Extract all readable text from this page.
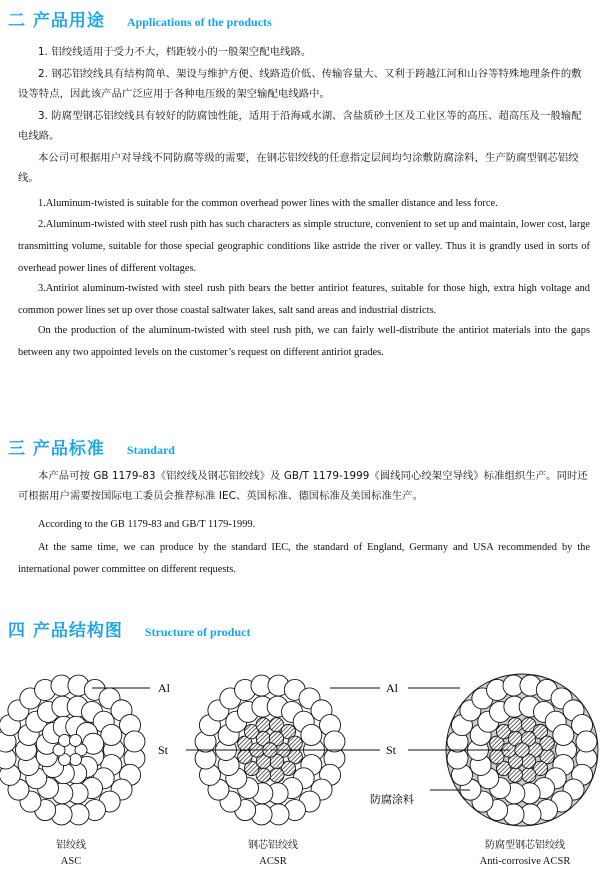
二 产品用途 Applications of the products

1. 铝绞线适用于受力不大，档距较小的一般架空配电线路。

2. 钢芯铝绞线具有结构简单、架设与维护方便、线路造价低、传输容量大、又利于跨越江河和山谷等特殊地理条件的敷设等特点，因此该产品广泛应用于各种电压级的架空输配电线路中。

3. 防腐型钢芯铝绞线具有较好的防腐蚀性能，适用于沿海咸水湖、含盐质砂土区及工业区等的高压、超高压及一般输配电线路。

本公司可根据用户对导线不同防腐等级的需要，在钢芯铝绞线的任意指定层间均匀涂敷防腐涂料，生产防腐型钢芯铝绞线。

1.Aluminum-twisted is suitable for the common overhead power lines with the smaller distance and less force.

2.Aluminum-twisted with steel rush pith has such characters as simple structure, convenient to set up and maintain, lower cost, large transmitting volume, suitable for those special geographic conditions like astride the river or valley. Thus it is grandly used in sorts of overhead power lines of different voltages.

3.Antiriot aluminum-twisted with steel rush pith bears the better antiriot features, suitable for those high, extra high voltage and common power lines set up over those coastal saltwater lakes, salt sand areas and industrial districts.

On the production of the aluminum-twisted with steel rush pith, we can fairly well-distribute the antiriot materials into the gaps between any two appointed levels on the customer’s request on different antiriot grades.

三 产品标准 Standard

本产品可按 GB 1179-83《铝绞线及钢芯铝绞线》及 GB/T 1179-1999《圆线同心绞架空导线》标准组织生产。同时还可根据用户需要按国际电工委员会推荐标准 IEC、英国标准、德国标准及美国标准生产。

According to the GB 1179-83 and GB/T 1179-1999.

At the same time, we can produce by the standard IEC, the standard of England, Germany and USA recommended by the international power committee on different requests.

四 产品结构图 Structure of product
Al	Al
St	St
防腐涂料
铝绞线
ASC
钢芯铝绞线
ACSR
防腐型钢芯铝绞线
Anti-corrosive ACSR
